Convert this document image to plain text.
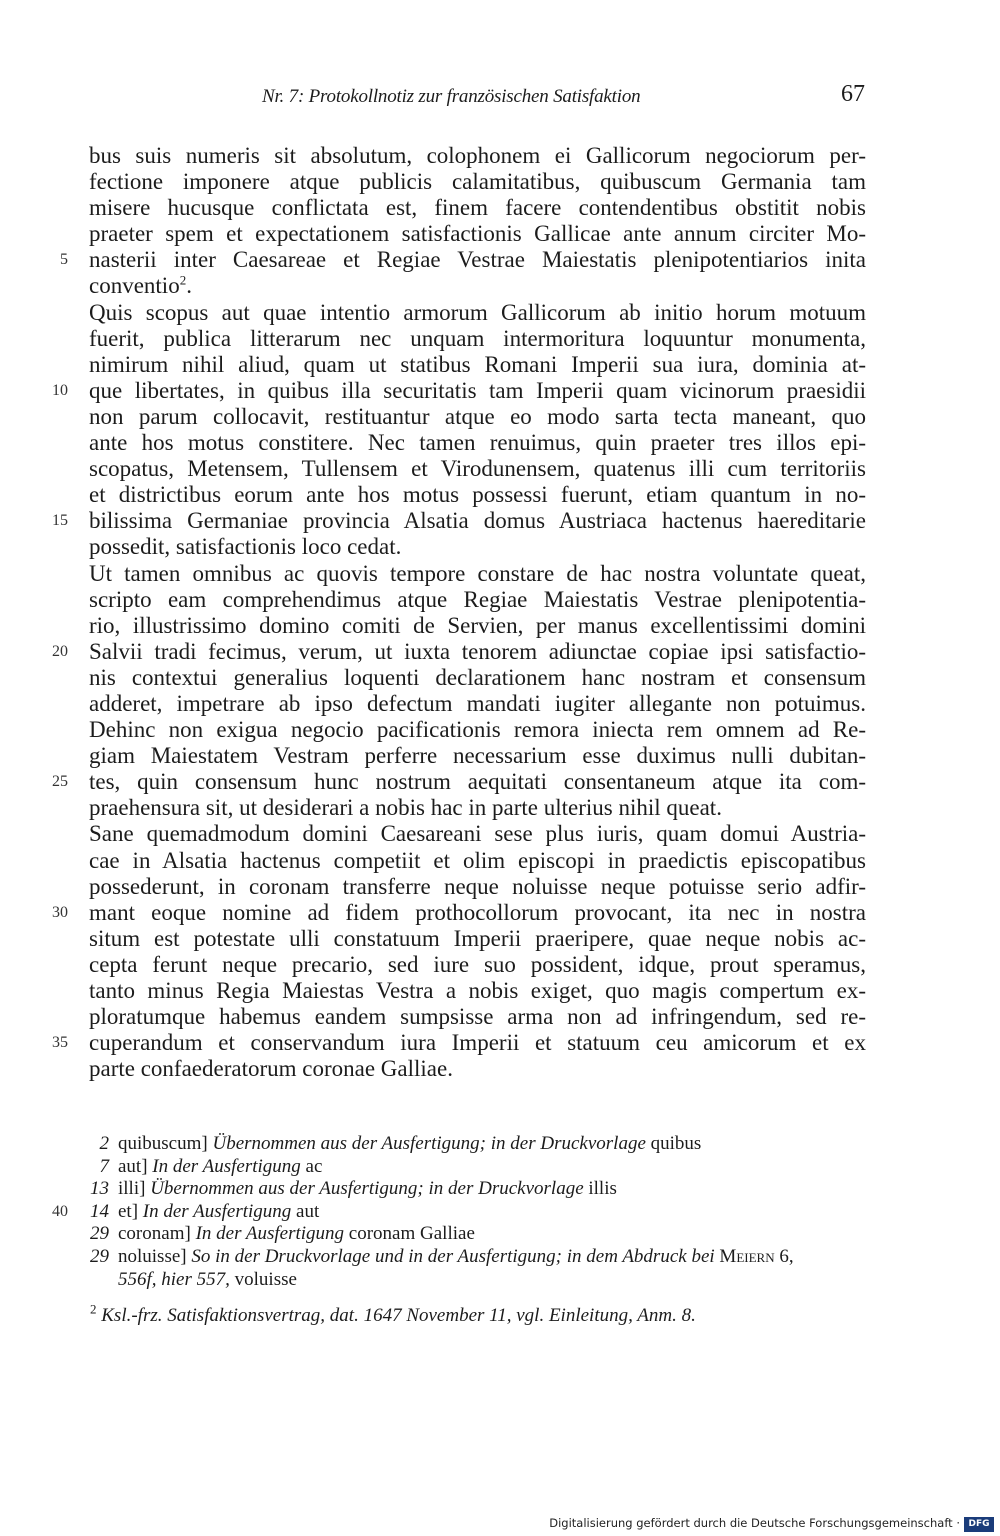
Nr. 7: Protokollnotiz zur französischen Satisfaktion	67
bus suis numeris sit absolutum, colophonem ei Gallicorum negociorum per-
fectione imponere atque publicis calamitatibus, quibuscum Germania tam
misere hucusque conflictata est, finem facere contendentibus obstitit nobis
praeter spem et expectationem satisfactionis Gallicae ante annum circiter Mo-
5 nasterii inter Caesareae et Regiae Vestrae Maiestatis plenipotentiarios inita
conventio$^2$.
Quis scopus aut quae intentio armorum Gallicorum ab initio horum motuum
fuerit, publica litterarum nec unquam intermoritura loquuntur monumenta,
nimirum nihil aliud, quam ut statibus Romani Imperii sua iura, dominia at-
10 que libertates, in quibus illa securitatis tam Imperii quam vicinorum praesidii
non parum collocavit, restituantur atque eo modo sarta tecta maneant, quo
ante hos motus constitere. Nec tamen renuimus, quin praeter tres illos epi-
scopatus, Metensem, Tullensem et Virodunensem, quatenus illi cum territoriis
et districtibus eorum ante hos motus possessi fuerunt, etiam quantum in no-
15 bilissima Germaniae provincia Alsatia domus Austriaca hactenus haereditarie
possedit, satisfactionis loco cedat.
Ut tamen omnibus ac quovis tempore constare de hac nostra voluntate queat,
scripto eam comprehendimus atque Regiae Maiestatis Vestrae plenipotentia-
rio, illustrissimo domino comiti de Servien, per manus excellentissimi domini
20 Salvii tradi fecimus, verum, ut iuxta tenorem adiunctae copiae ipsi satisfactio-
nis contextui generalius loquenti declarationem hanc nostram et consensum
adderet, impetrare ab ipso defectum mandati iugiter allegante non potuimus.
Dehinc non exigua negocio pacificationis remora iniecta rem omnem ad Re-
giam Maiestatem Vestram perferre necessarium esse duximus nulli dubitan-
25 tes, quin consensum hunc nostrum aequitati consentaneum atque ita com-
praehensura sit, ut desiderari a nobis hac in parte ulterius nihil queat.
Sane quemadmodum domini Caesareani sese plus iuris, quam domui Austria-
cae in Alsatia hactenus competiit et olim episcopi in praedictis episcopatibus
possederunt, in coronam transferre neque noluisse neque potuisse serio adfir-
30 mant eoque nomine ad fidem prothocollorum provocant, ita nec in nostra
situm est potestate ulli constatuum Imperii praeripere, quae neque nobis ac-
cepta ferunt neque precario, sed iure suo possident, idque, prout speramus,
tanto minus Regia Maiestas Vestra a nobis exiget, quo magis compertum ex-
ploratumque habemus eandem sumpsisse arma non ad infringendum, sed re-
35 cuperandum et conservandum iura Imperii et statuum ceu amicorum et ex
parte confaederatorum coronae Galliae.
2 quibuscum] Übernommen aus der Ausfertigung; in der Druckvorlage quibus
7 aut] In der Ausfertigung ac
13 illi] Übernommen aus der Ausfertigung; in der Druckvorlage illis
40	14 et] In der Ausfertigung aut
29 coronam] In der Ausfertigung coronam Galliae
29 noluisse] So in der Druckvorlage und in der Ausfertigung; in dem Abdruck bei Meiern 6,
556f, hier 557, voluisse
$^2$ Ksl.-frz. Satisfaktionsvertrag, dat. 1647 November 11, vgl. Einleitung, Anm. 8.
Digitalisierung gefördert durch die Deutsche Forschungsgemeinschaft · DFG
